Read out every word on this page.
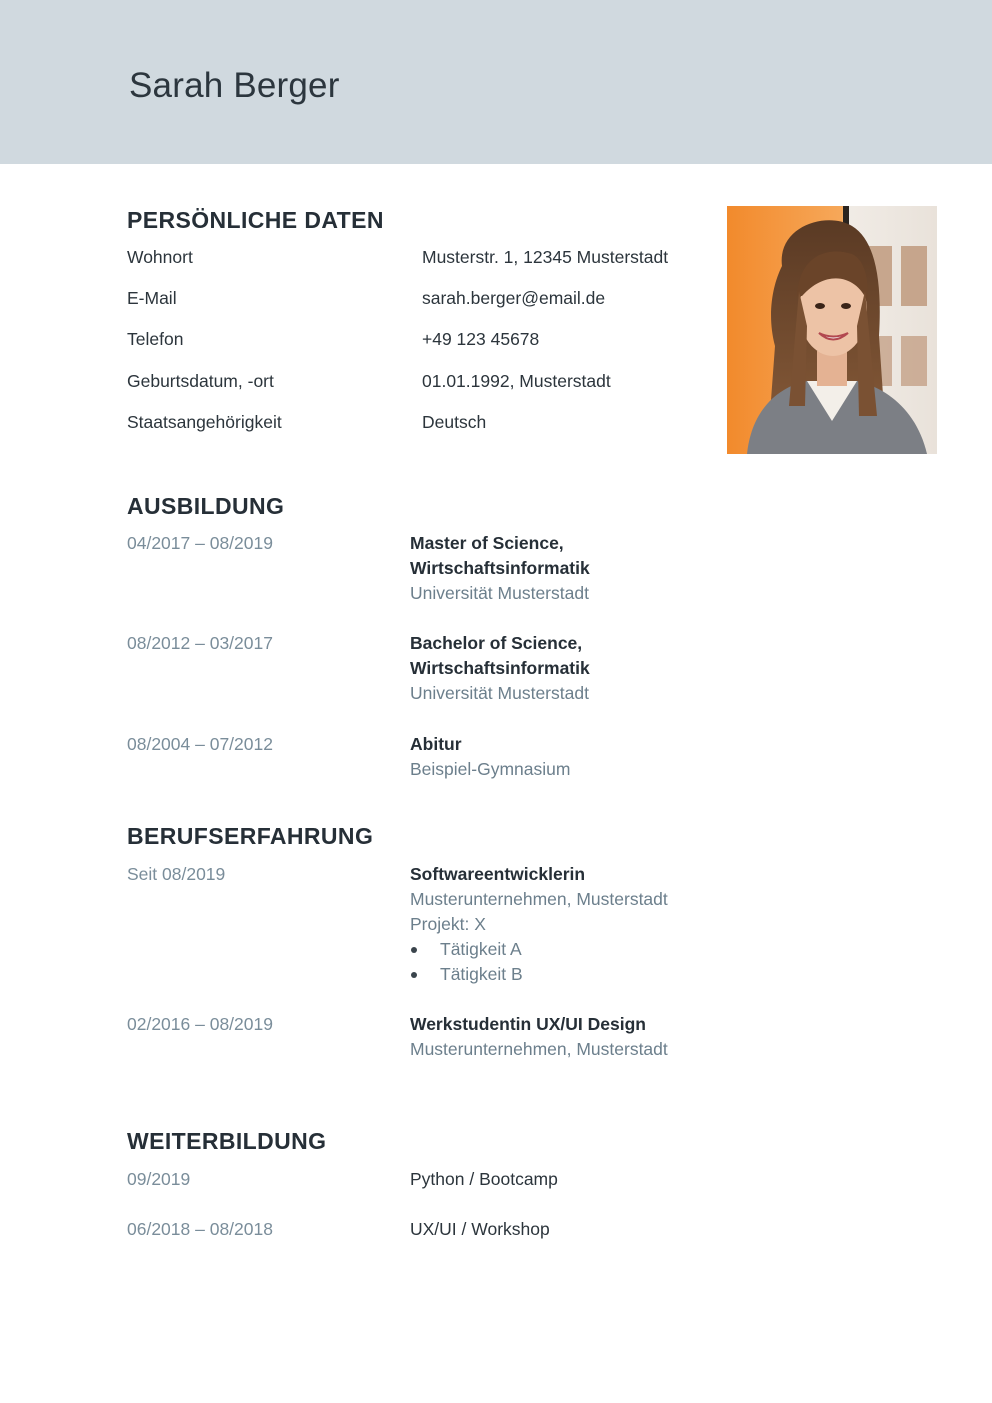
Sarah Berger
PERSÖNLICHE DATEN
Wohnort	Musterstr. 1, 12345 Musterstadt
E-Mail	sarah.berger@email.de
Telefon	+49 123 45678
Geburtsdatum, -ort	01.01.1992, Musterstadt
Staatsangehörigkeit	Deutsch
AUSBILDUNG
04/2017 – 08/2019	Master of Science,
Wirtschaftsinformatik
Universität Musterstadt
08/2012 – 03/2017	Bachelor of Science,
Wirtschaftsinformatik
Universität Musterstadt
08/2004 – 07/2012	Abitur
Beispiel-Gymnasium
BERUFSERFAHRUNG
Seit 08/2019	Softwareentwicklerin
Musterunternehmen, Musterstadt
Projekt: X
Tätigkeit A
Tätigkeit B
02/2016 – 08/2019	Werkstudentin UX/UI Design
Musterunternehmen, Musterstadt
WEITERBILDUNG
09/2019	Python / Bootcamp
06/2018 – 08/2018	UX/UI / Workshop
